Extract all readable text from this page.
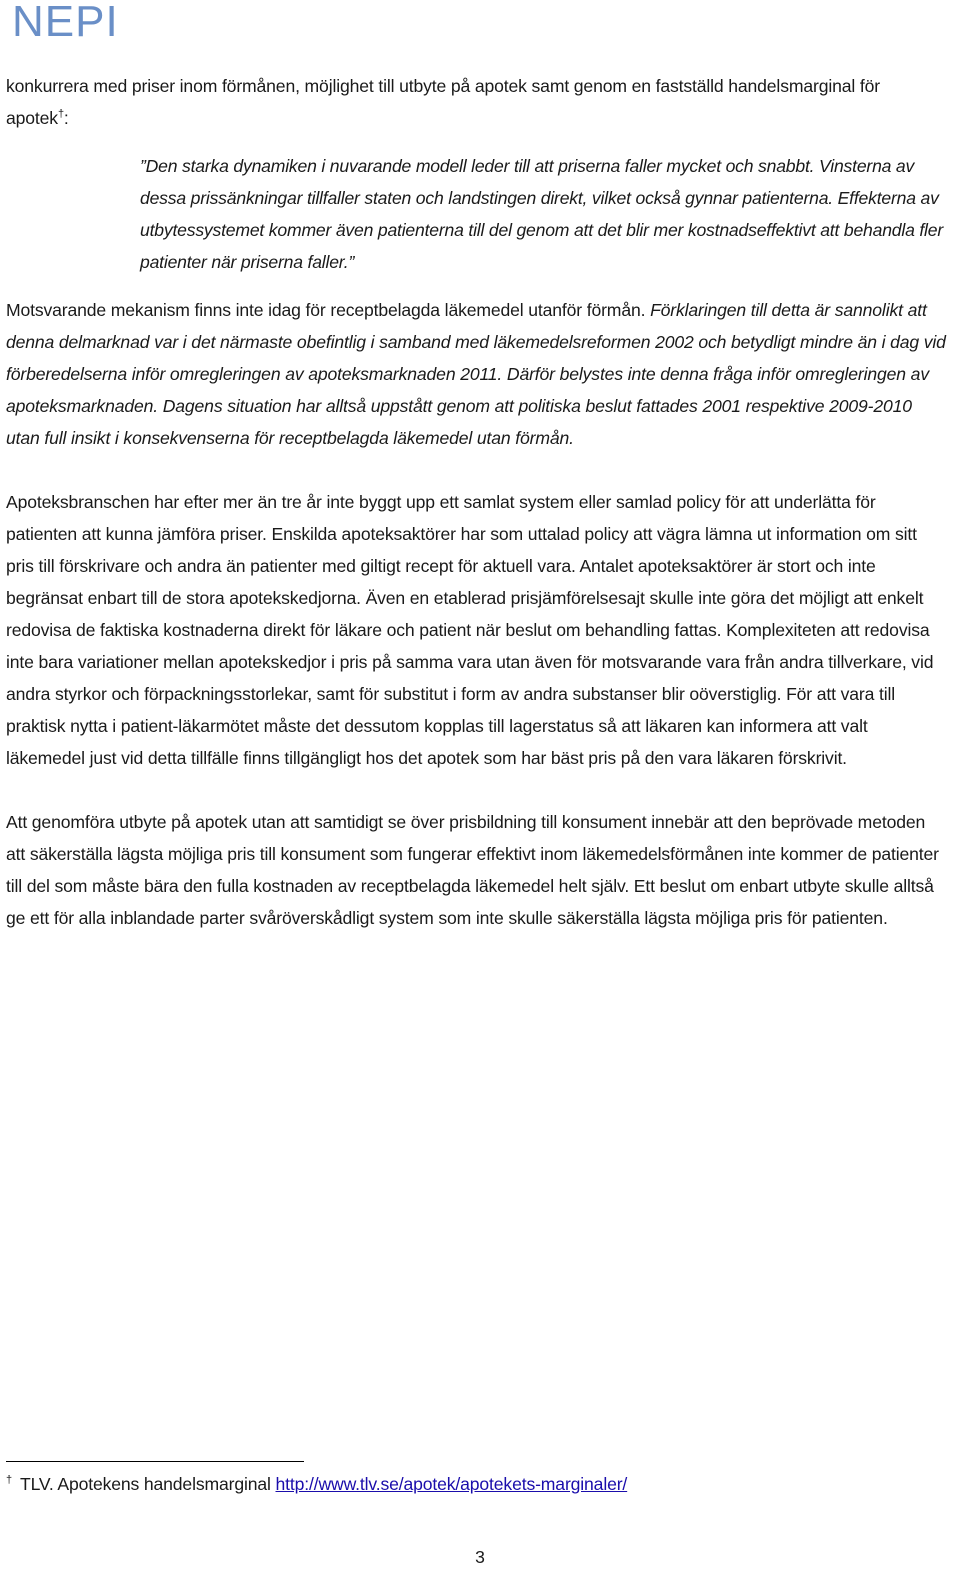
NEPI

konkurrera med priser inom förmånen, möjlighet till utbyte på apotek samt genom en fastställd handelsmarginal för apotek†:

”Den starka dynamiken i nuvarande modell leder till att priserna faller mycket och snabbt. Vinsterna av dessa prissänkningar tillfaller staten och landstingen direkt, vilket också gynnar patienterna. Effekterna av utbytessystemet kommer även patienterna till del genom att det blir mer kostnadseffektivt att behandla fler patienter när priserna faller.”

Motsvarande mekanism finns inte idag för receptbelagda läkemedel utanför förmån. Förklaringen till detta är sannolikt att denna delmarknad var i det närmaste obefintlig i samband med läkemedelsreformen 2002 och betydligt mindre än i dag vid förberedelserna inför omregleringen av apoteksmarknaden 2011. Därför belystes inte denna fråga inför omregleringen av apoteksmarknaden. Dagens situation har alltså uppstått genom att politiska beslut fattades 2001 respektive 2009-2010 utan full insikt i konsekvenserna för receptbelagda läkemedel utan förmån.

Apoteksbranschen har efter mer än tre år inte byggt upp ett samlat system eller samlad policy för att underlätta för patienten att kunna jämföra priser. Enskilda apoteksaktörer har som uttalad policy att vägra lämna ut information om sitt pris till förskrivare och andra än patienter med giltigt recept för aktuell vara. Antalet apoteksaktörer är stort och inte begränsat enbart till de stora apotekskedjorna. Även en etablerad prisjämförelsesajt skulle inte göra det möjligt att enkelt redovisa de faktiska kostnaderna direkt för läkare och patient när beslut om behandling fattas. Komplexiteten att redovisa inte bara variationer mellan apotekskedjor i pris på samma vara utan även för motsvarande vara från andra tillverkare, vid andra styrkor och förpackningsstorlekar, samt för substitut i form av andra substanser blir oöverstiglig. För att vara till praktisk nytta i patient-läkarmötet måste det dessutom kopplas till lagerstatus så att läkaren kan informera att valt läkemedel just vid detta tillfälle finns tillgängligt hos det apotek som har bäst pris på den vara läkaren förskrivit.

Att genomföra utbyte på apotek utan att samtidigt se över prisbildning till konsument innebär att den beprövade metoden att säkerställa lägsta möjliga pris till konsument som fungerar effektivt inom läkemedelsförmånen inte kommer de patienter till del som måste bära den fulla kostnaden av receptbelagda läkemedel helt själv. Ett beslut om enbart utbyte skulle alltså ge ett för alla inblandade parter svåröverskådligt system som inte skulle säkerställa lägsta möjliga pris för patienten.

† TLV. Apotekens handelsmarginal http://www.tlv.se/apotek/apotekets-marginaler/
3
